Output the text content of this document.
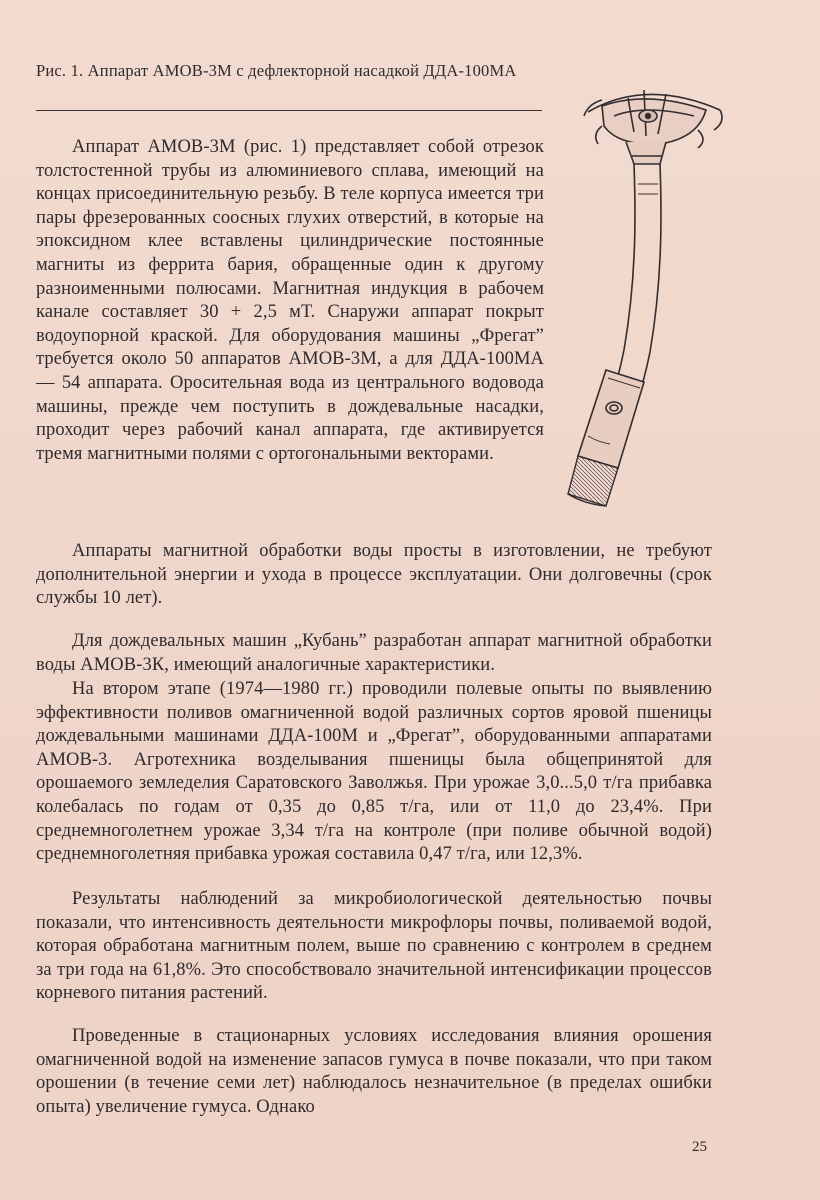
Рис. 1. Аппарат АМОВ-3М с дефлекторной насадкой ДДА-100МА

Аппарат АМОВ-3М (рис. 1) представляет собой отрезок толстостенной трубы из алюминиевого сплава, имеющий на концах присоединительную резьбу. В теле корпуса имеется три пары фрезерованных соосных глухих отверстий, в которые на эпоксидном клее вставлены цилиндрические постоянные магниты из феррита бария, обращенные один к другому разноименными полюсами. Магнитная индукция в рабочем канале составляет 30 + 2,5 мТ. Снаружи аппарат покрыт водоупорной краской. Для оборудования машины „Фрегат” требуется около 50 аппаратов АМОВ-3М, а для ДДА-100МА — 54 аппарата. Оросительная вода из центрального водовода машины, прежде чем поступить в дождевальные насадки, проходит через рабочий канал аппарата, где активируется тремя магнитными полями с ортогональными векторами.

Аппараты магнитной обработки воды просты в изготовлении, не требуют дополнительной энергии и ухода в процессе эксплуатации. Они долговечны (срок службы 10 лет).

Для дождевальных машин „Кубань” разработан аппарат магнитной обработки воды АМОВ-3К, имеющий аналогичные характеристики.

На втором этапе (1974—1980 гг.) проводили полевые опыты по выявлению эффективности поливов омагниченной водой различных сортов яровой пшеницы дождевальными машинами ДДА-100М и „Фрегат”, оборудованными аппаратами АМОВ-3. Агротехника возделывания пшеницы была общепринятой для орошаемого земледелия Саратовского Заволжья. При урожае 3,0...5,0 т/га прибавка колебалась по годам от 0,35 до 0,85 т/га, или от 11,0 до 23,4%. При среднемноголетнем урожае 3,34 т/га на контроле (при поливе обычной водой) среднемноголетняя прибавка урожая составила 0,47 т/га, или 12,3%.

Результаты наблюдений за микробиологической деятельностью почвы показали, что интенсивность деятельности микрофлоры почвы, поливаемой водой, которая обработана магнитным полем, выше по сравнению с контролем в среднем за три года на 61,8%. Это способствовало значительной интенсификации процессов корневого питания растений.

Проведенные в стационарных условиях исследования влияния орошения омагниченной водой на изменение запасов гумуса в почве показали, что при таком орошении (в течение семи лет) наблюдалось незначительное (в пределах ошибки опыта) увеличение гумуса. Однако

25
